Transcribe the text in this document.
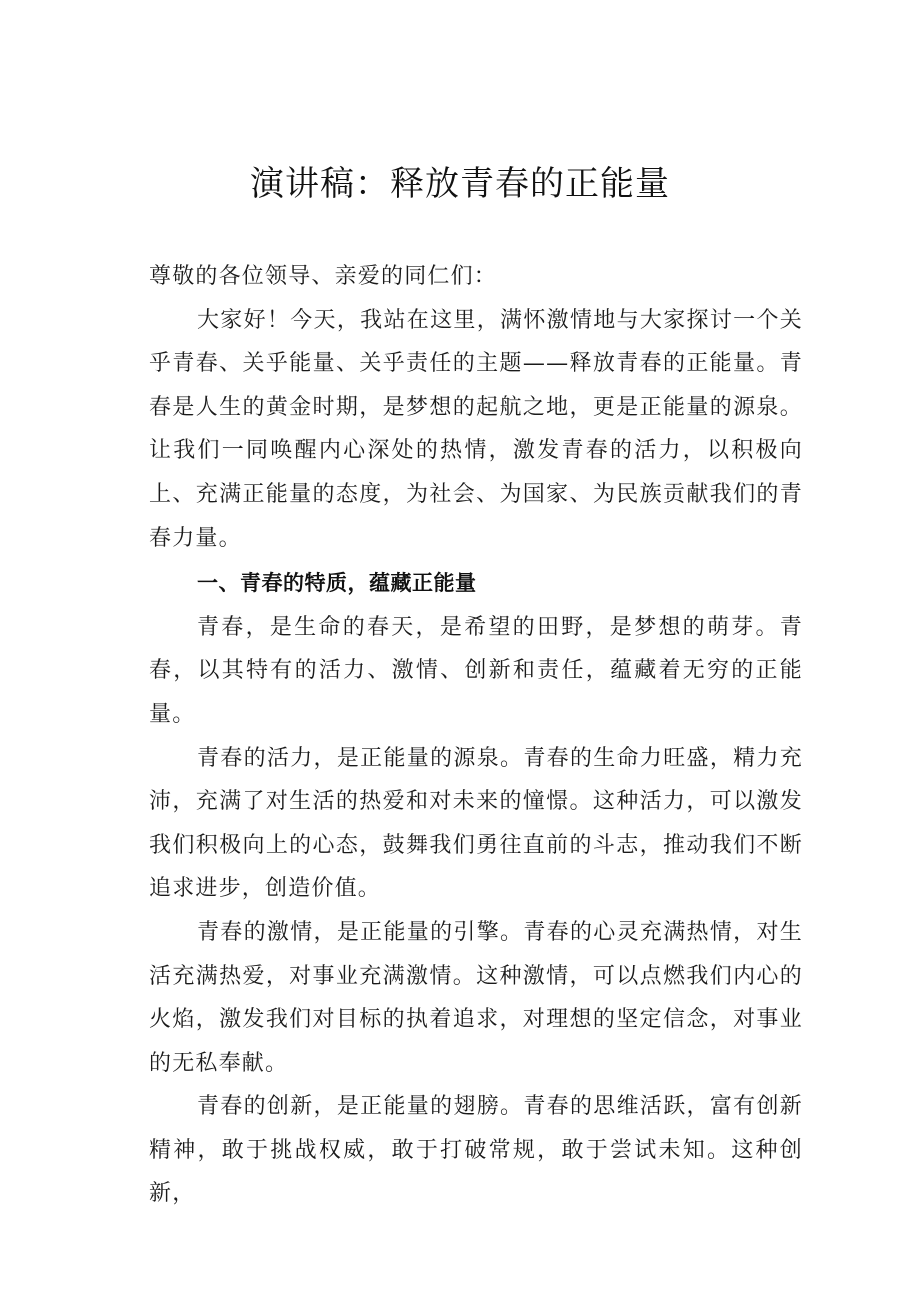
演讲稿：释放青春的正能量

尊敬的各位领导、亲爱的同仁们：

大家好！今天，我站在这里，满怀激情地与大家探讨一个关乎青春、关乎能量、关乎责任的主题——释放青春的正能量。青春是人生的黄金时期，是梦想的起航之地，更是正能量的源泉。让我们一同唤醒内心深处的热情，激发青春的活力，以积极向上、充满正能量的态度，为社会、为国家、为民族贡献我们的青春力量。

一、青春的特质，蕴藏正能量

青春，是生命的春天，是希望的田野，是梦想的萌芽。青春，以其特有的活力、激情、创新和责任，蕴藏着无穷的正能量。

青春的活力，是正能量的源泉。青春的生命力旺盛，精力充沛，充满了对生活的热爱和对未来的憧憬。这种活力，可以激发我们积极向上的心态，鼓舞我们勇往直前的斗志，推动我们不断追求进步，创造价值。

青春的激情，是正能量的引擎。青春的心灵充满热情，对生活充满热爱，对事业充满激情。这种激情，可以点燃我们内心的火焰，激发我们对目标的执着追求，对理想的坚定信念，对事业的无私奉献。

青春的创新，是正能量的翅膀。青春的思维活跃，富有创新精神，敢于挑战权威，敢于打破常规，敢于尝试未知。这种创新，
